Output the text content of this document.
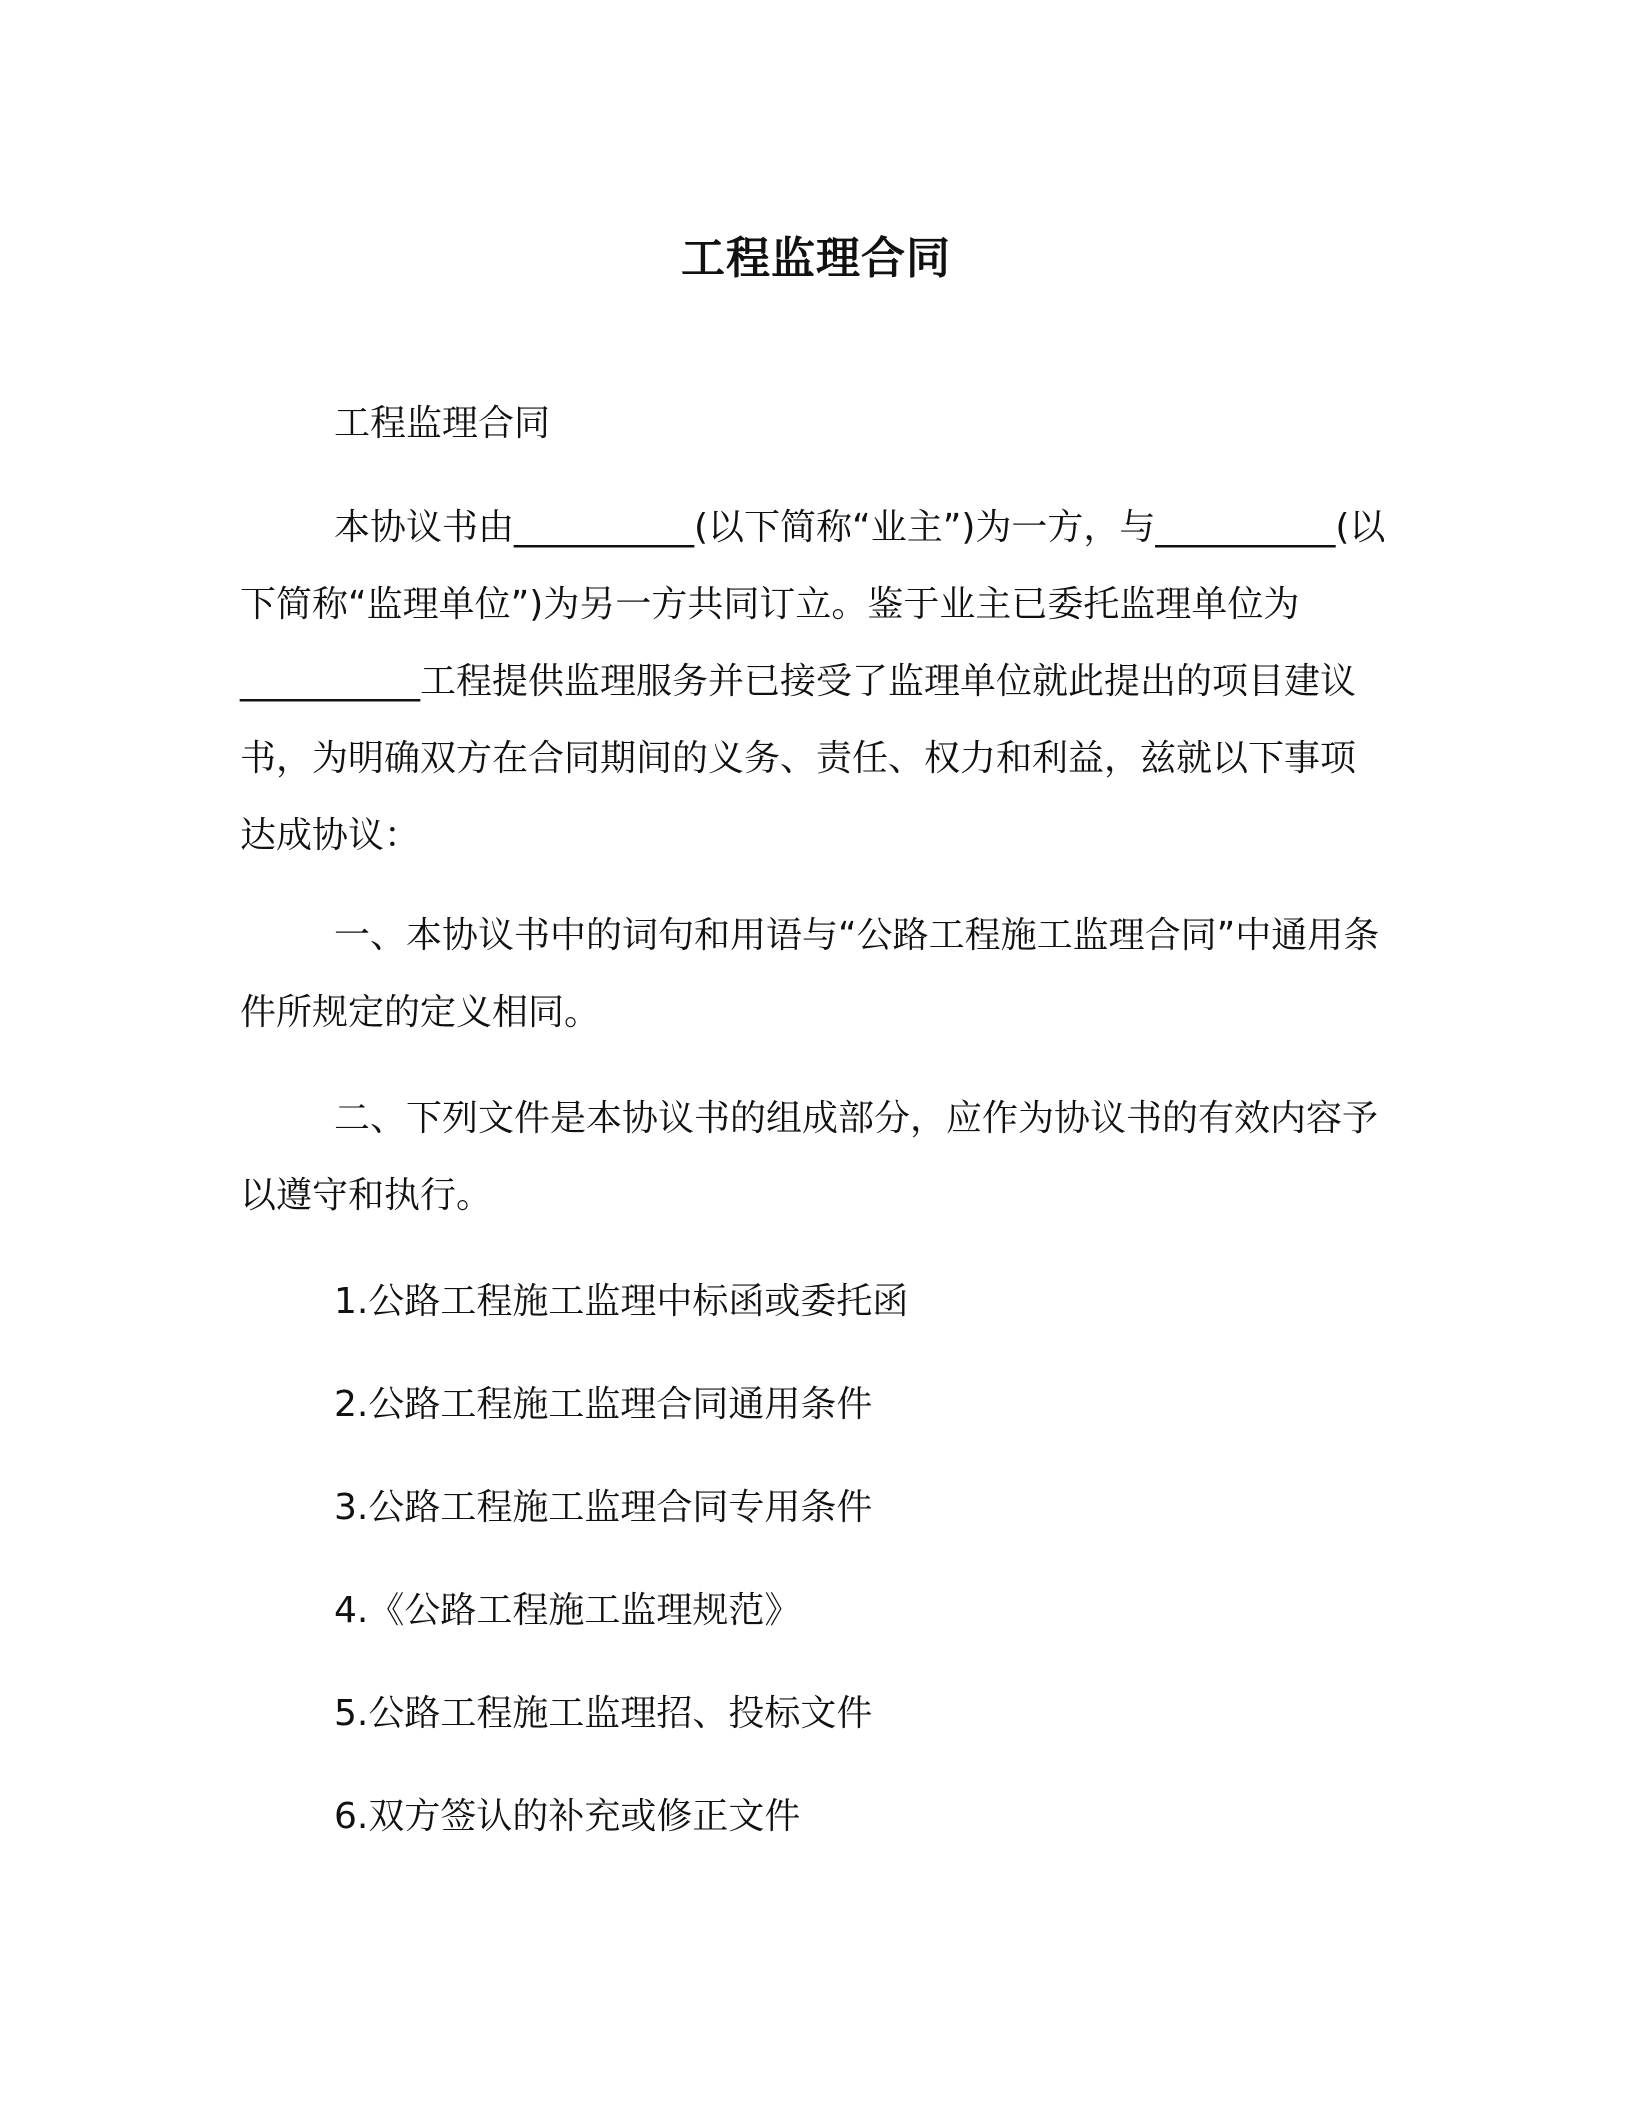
工程监理合同

工程监理合同

本协议书由__________(以下简称“业主”)为一方，与__________(以下简称“监理单位”)为另一方共同订立。鉴于业主已委托监理单位为__________工程提供监理服务并已接受了监理单位就此提出的项目建议书，为明确双方在合同期间的义务、责任、权力和利益，兹就以下事项达成协议：

一、本协议书中的词句和用语与“公路工程施工监理合同”中通用条件所规定的定义相同。

二、下列文件是本协议书的组成部分，应作为协议书的有效内容予以遵守和执行。

1.公路工程施工监理中标函或委托函

2.公路工程施工监理合同通用条件

3.公路工程施工监理合同专用条件

4.《公路工程施工监理规范》

5.公路工程施工监理招、投标文件

6.双方签认的补充或修正文件
